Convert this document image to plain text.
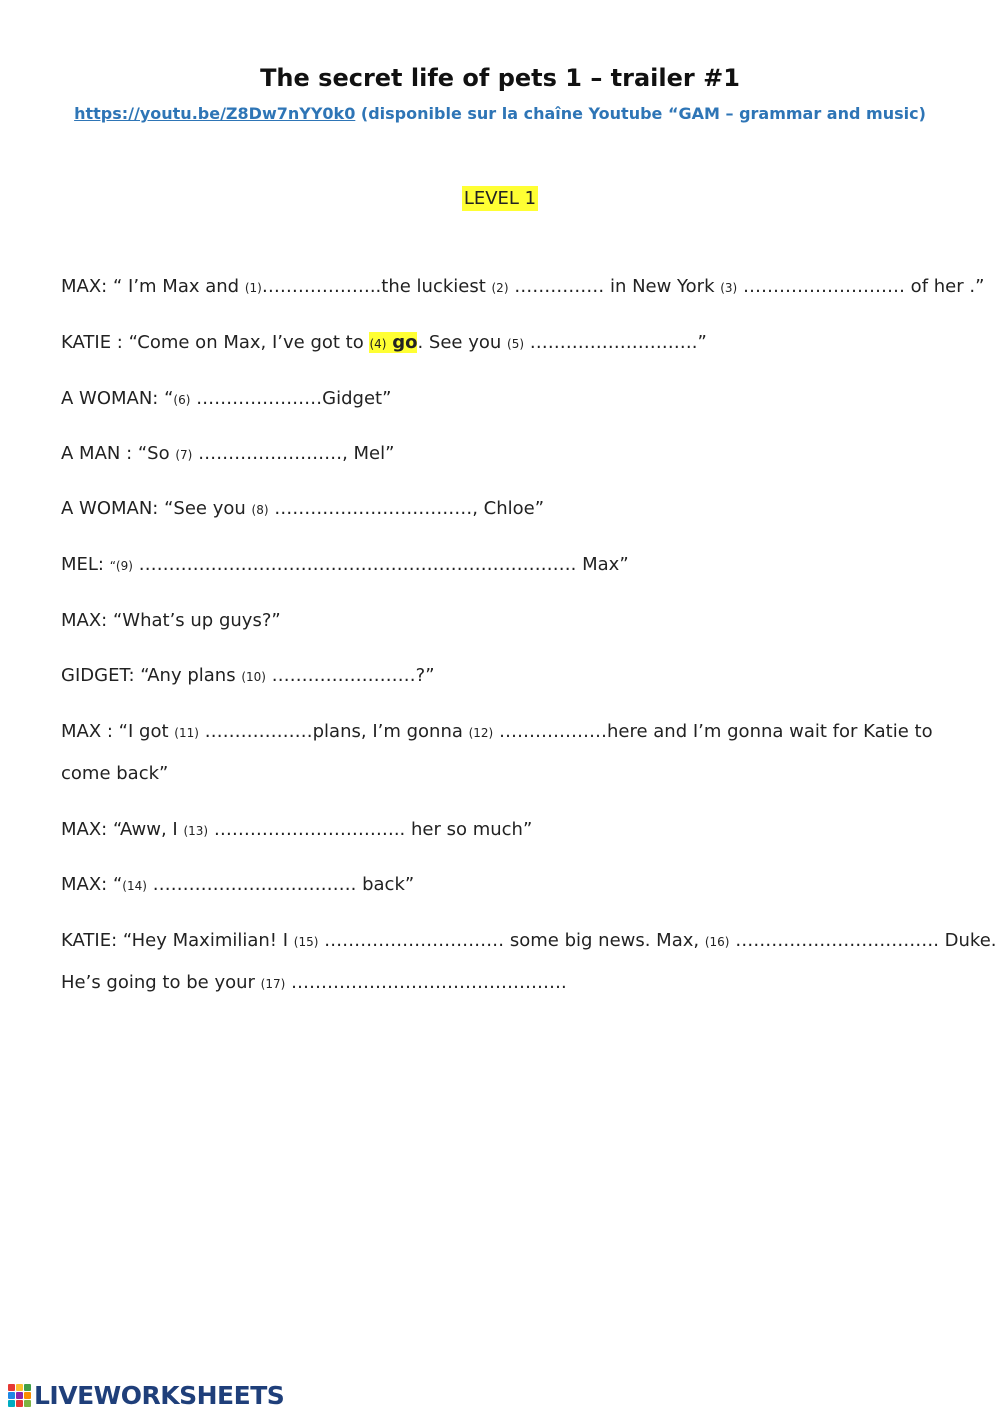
The secret life of pets 1 – trailer #1
https://youtu.be/Z8Dw7nYY0k0 (disponible sur la chaîne Youtube “GAM – grammar and music)
LEVEL 1
MAX: “ I’m Max and (1)………………..the luckiest (2) …………… in New York (3) ……………………… of her .”
KATIE : “Come on Max, I’ve got to (4) go. See you (5) ……………………….”
A WOMAN: “(6) …………………Gidget”
A MAN : “So (7) ……………………, Mel”
A WOMAN: “See you (8) ……………………………, Chloe”
MEL: “(9) ………………………………………………………………. Max”
MAX: “What’s up guys?”
GIDGET: “Any plans (10) ……………………?”
MAX : “I got (11) ………………plans, I’m gonna (12) ………………here and I’m gonna wait for Katie to
come back”
MAX: “Aww, I (13) ………………………….. her so much”
MAX: “(14) ……………………………. back”
KATIE: “Hey Maximilian! I (15) ………………………… some big news. Max, (16) ……………………………. Duke.
He’s going to be your (17) ……………………………………….
LIVEWORKSHEETS
